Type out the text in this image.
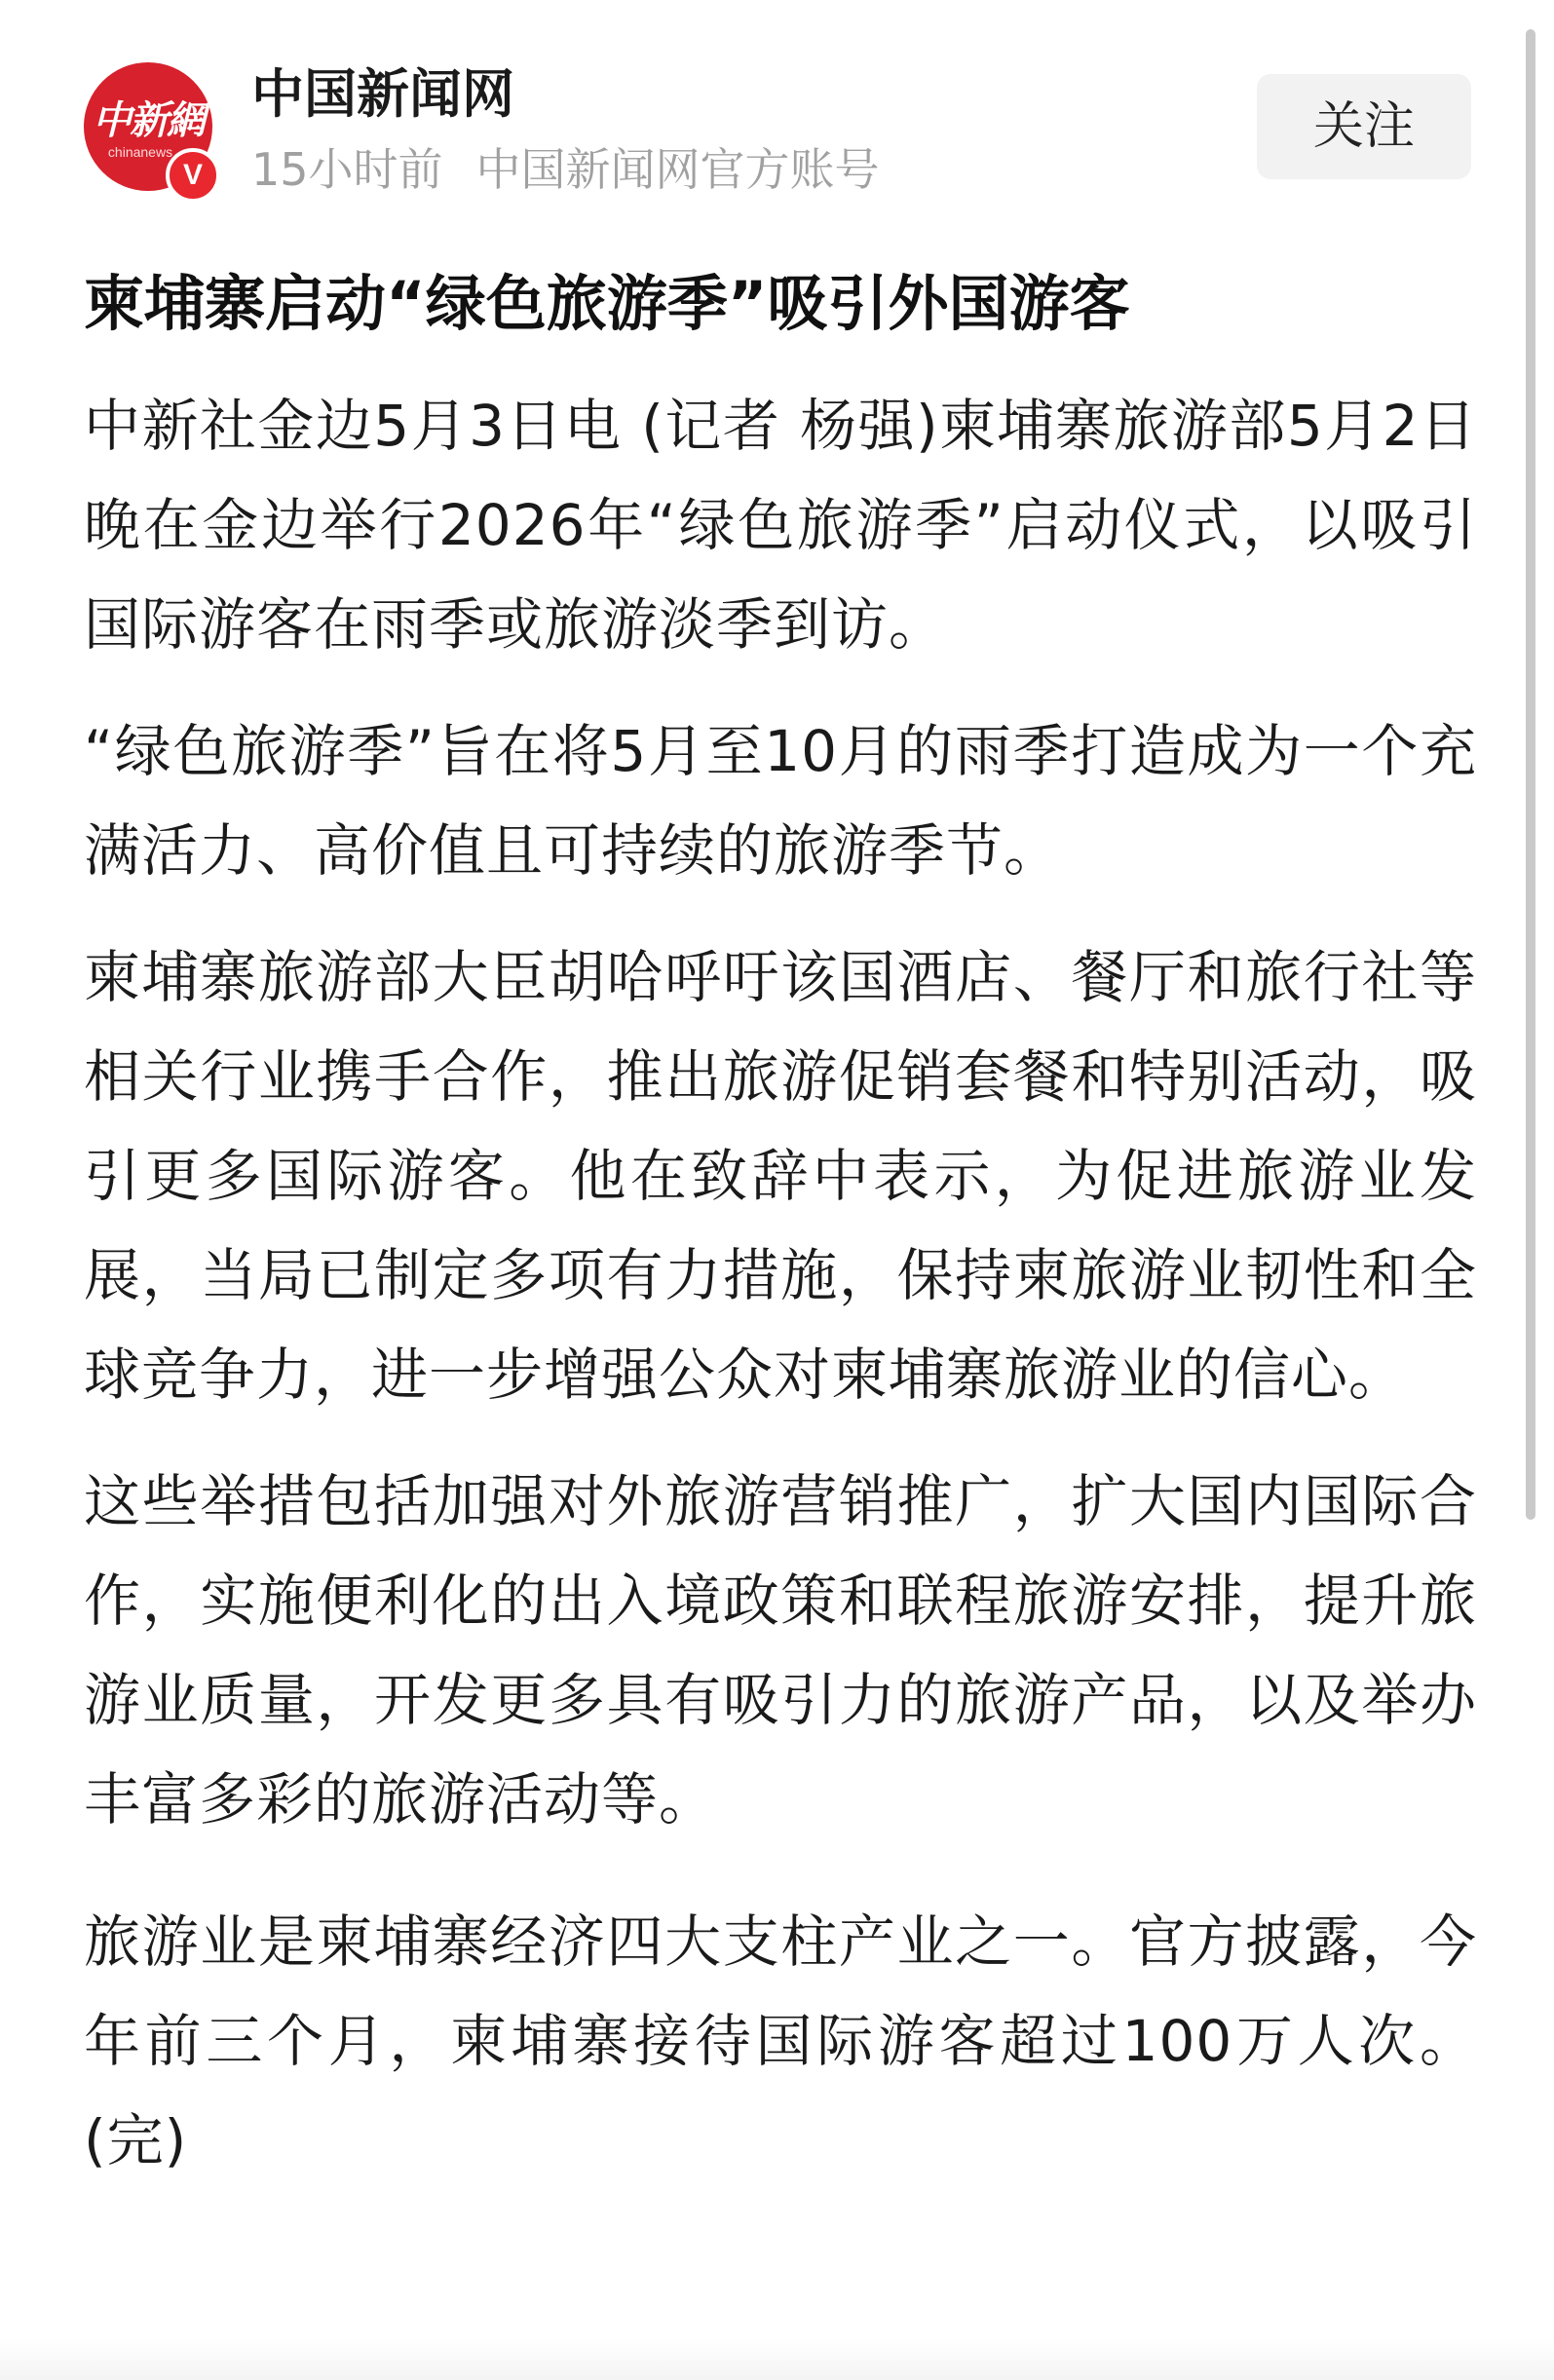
中新網
chinanews
V
中国新闻网
15小时前 中国新闻网官方账号
关注
柬埔寨启动“绿色旅游季”吸引外国游客

中新社金边5月3日电 (记者 杨强)柬埔寨旅游部5月2日晚在金边举行2026年“绿色旅游季”启动仪式，以吸引国际游客在雨季或旅游淡季到访。

“绿色旅游季”旨在将5月至10月的雨季打造成为一个充满活力、高价值且可持续的旅游季节。

柬埔寨旅游部大臣胡哈呼吁该国酒店、餐厅和旅行社等相关行业携手合作，推出旅游促销套餐和特别活动，吸引更多国际游客。他在致辞中表示，为促进旅游业发展，当局已制定多项有力措施，保持柬旅游业韧性和全球竞争力，进一步增强公众对柬埔寨旅游业的信心。

这些举措包括加强对外旅游营销推广，扩大国内国际合作，实施便利化的出入境政策和联程旅游安排，提升旅游业质量，开发更多具有吸引力的旅游产品，以及举办丰富多彩的旅游活动等。

旅游业是柬埔寨经济四大支柱产业之一。官方披露，今年前三个月，柬埔寨接待国际游客超过100万人次。(完)
